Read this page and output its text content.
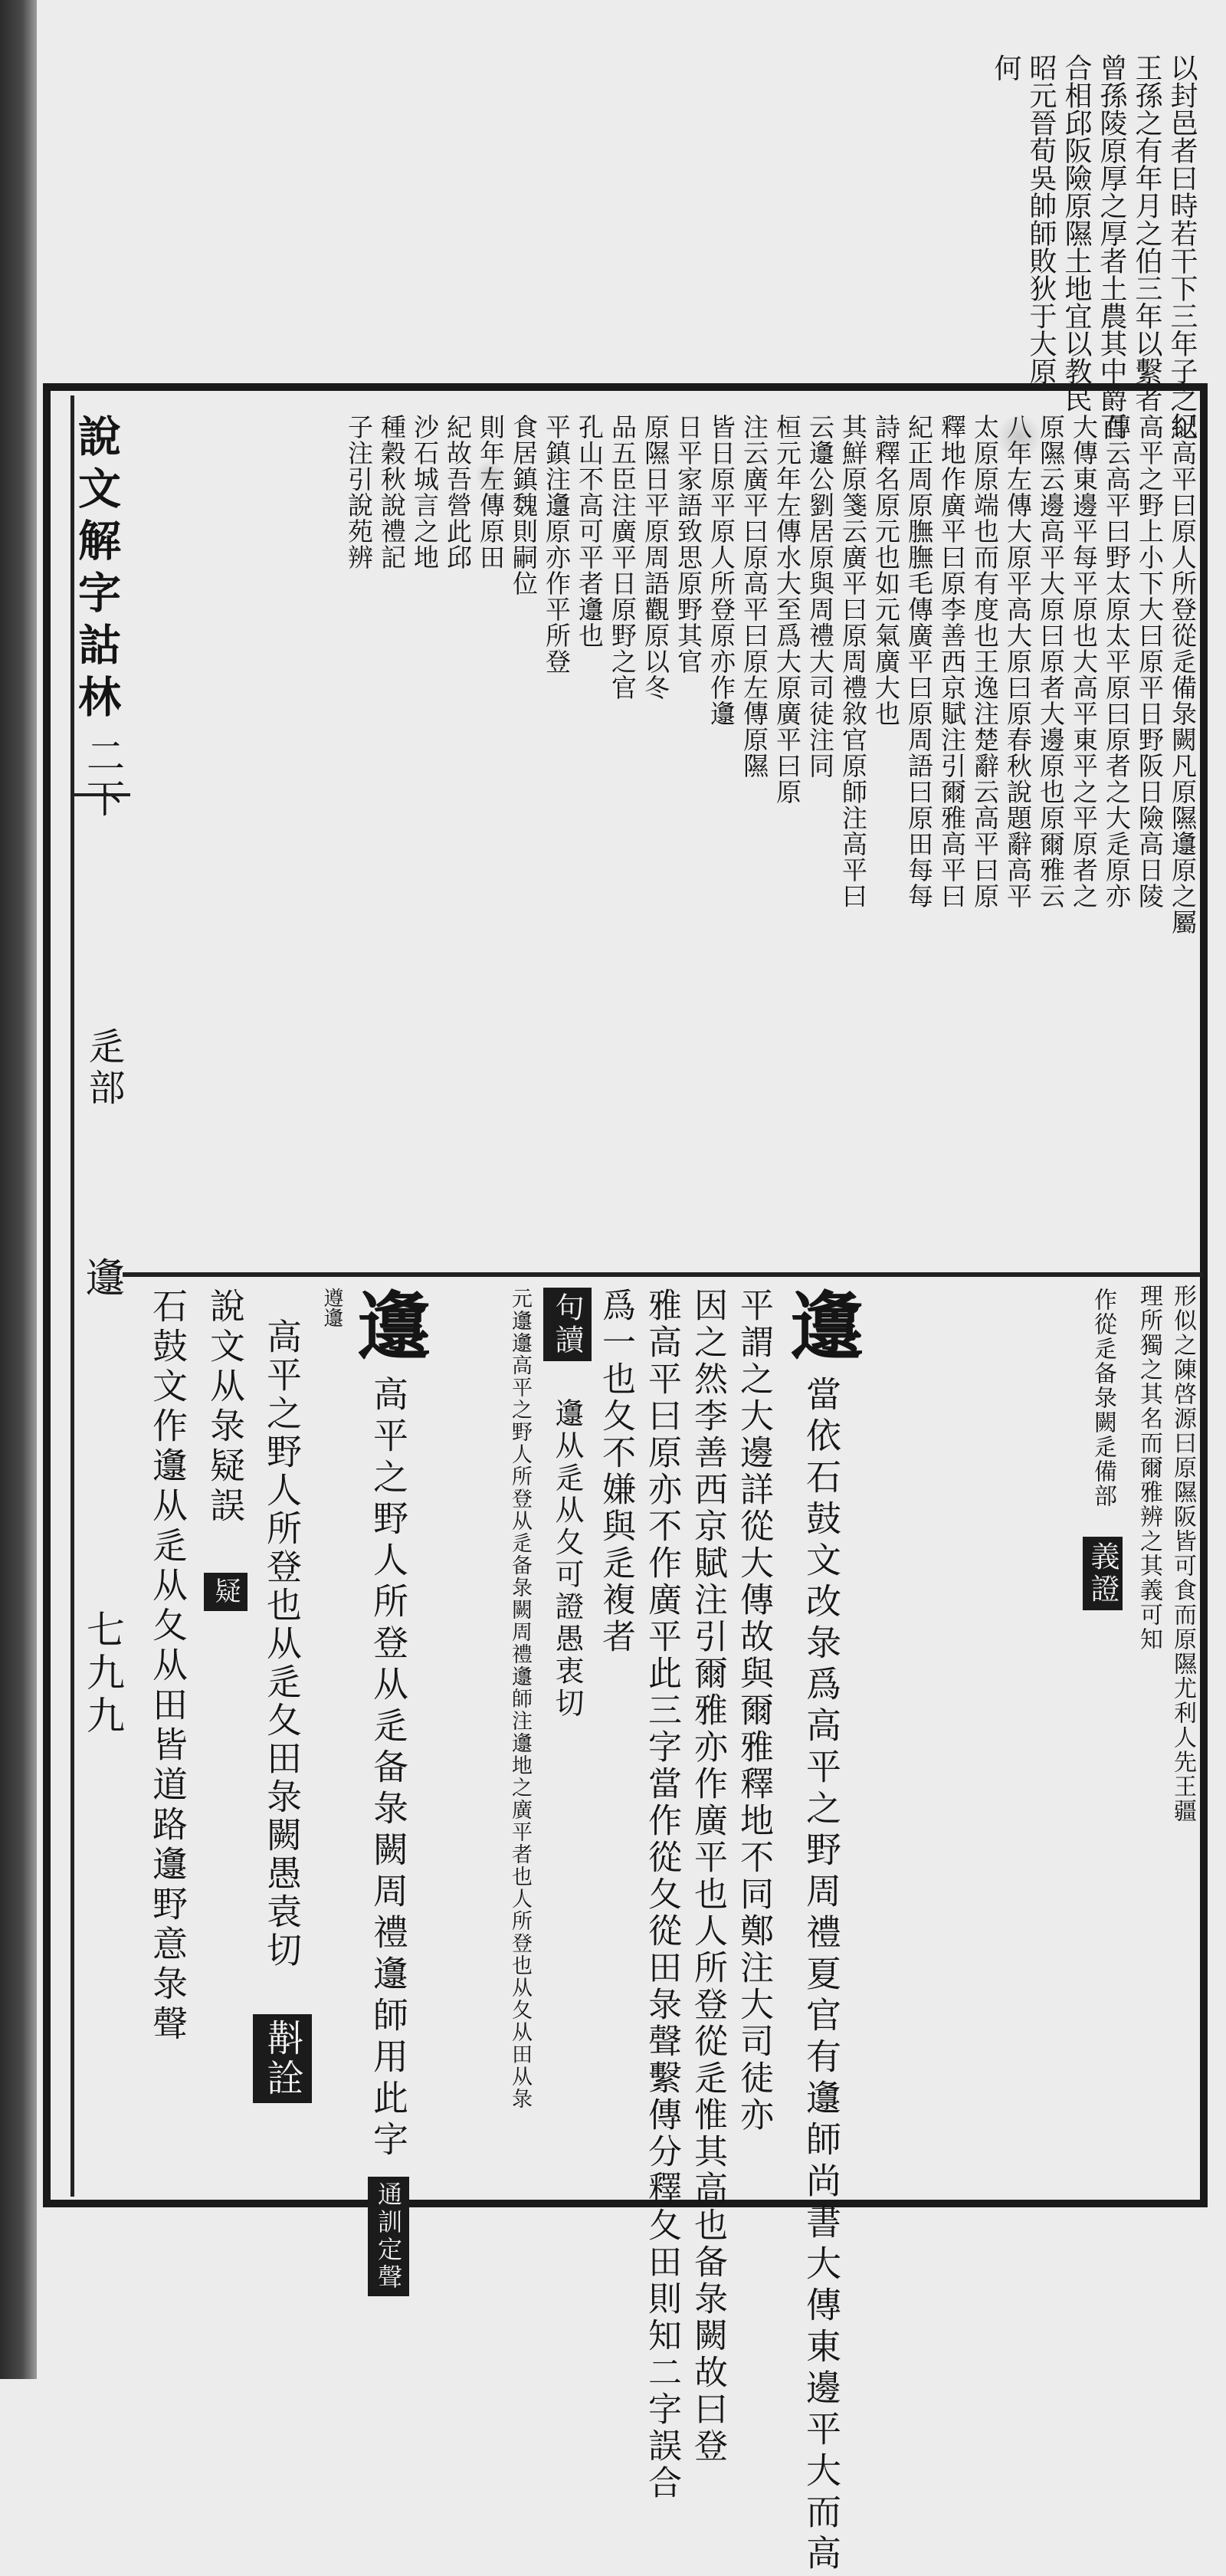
以封邑者曰時若干下三年子之紀
王孫之有年月之伯三年以繫者
曾孫陵原厚之厚者土農其中爵百
合相邱阪險原隰土地宜以教民
昭元晉荀吳帥師敗狄于大原
何
說文解字詁林
二下
辵部
邍
七九九
以高平曰原人所登從辵備彔闕凡原隰邍原之屬
高平之野上小下大曰原平日野阪日險高日陵
傳云高平曰野太原太平原曰原者之大辵原亦
大傳東邊平每平原也大高平東平之平原者之
原隰云邊高平大原曰原者大邊原也原爾雅云
八年左傳大原平高大原曰原春秋說題辭高平
太原原端也而有度也王逸注楚辭云高平曰原
釋地作廣平曰原李善西京賦注引爾雅高平曰
紀正周原膴膴毛傳廣平曰原周語曰原田每每
詩釋名原元也如元氣廣大也
其鮮原箋云廣平曰原周禮敘官原師注高平曰
云邍公劉居原與周禮大司徒注同
桓元年左傳水大至爲大原廣平曰原
注云廣平曰原高平曰原左傳原隰
皆日原平原人所登原亦作邍
日平家語致思原野其官
原隰日平原周語觀原以冬
品五臣注廣平日原野之官
孔山不高可平者邍也
平鎮注邍原亦作平所登
食居鎮魏則嗣位
則年左傳原田
紀故吾營此邱
沙石城言之地
種穀秋說禮記
子注引說苑辨
形似之陳啓源曰原隰阪皆可食而原隰尤利人先王疆
理所獨之其名而爾雅辨之其義可知
作從辵备彔闕辵備部 義證
邍 當依石鼓文改彔爲高平之野周禮夏官有邍師尚書大傳東邊平大而高
平謂之大邊詳從大傳故與爾雅釋地不同鄭注大司徒亦
因之然李善西京賦注引爾雅亦作廣平也人所登從辵惟其高也备彔闕故曰登
雅高平曰原亦不作廣平此三字當作從夂從田彔聲繫傳分釋夂田則知二字誤合
爲一也夂不嫌與辵複者
句讀 邍从辵从夂可證愚衷切
元邍邍高平之野人所登从辵备彔闕周禮邍師注邍地之廣平者也人所登也从夂从田从彔
邍 高平之野人所登从辵备彔闕周禮邍師用此字 通訓定聲
遵邍
高平之野人所登也从辵夂田彔闕愚袁切 斠詮
說文从彔疑誤 疑
石鼓文作邍从辵从夂从田皆道路邍野意彔聲
